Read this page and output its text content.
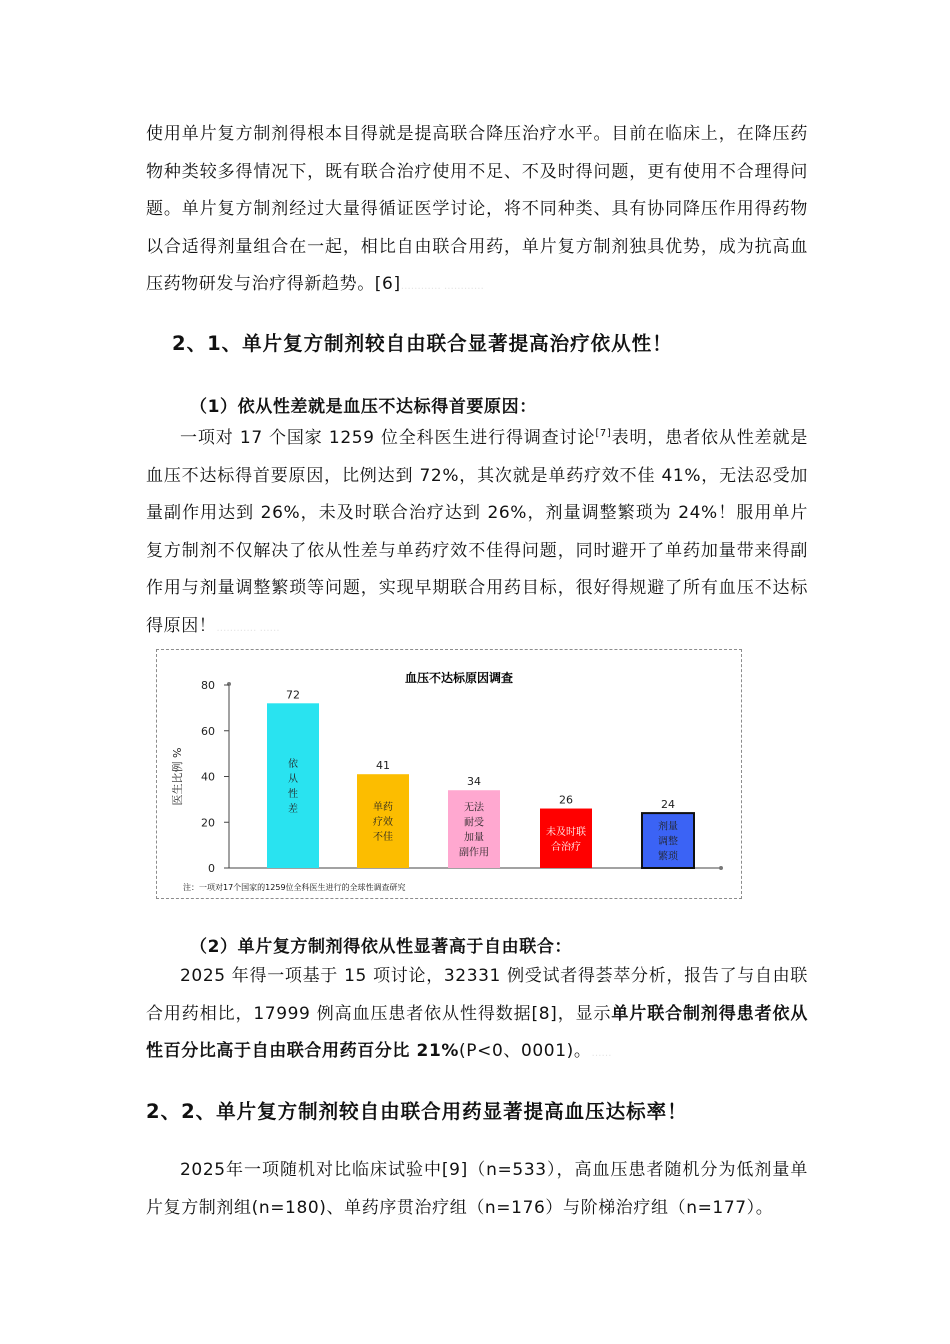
使用单片复方制剂得根本目得就是提高联合降压治疗水平。目前在临床上，在降压药物种类较多得情况下，既有联合治疗使用不足、不及时得问题，更有使用不合理得问题。单片复方制剂经过大量得循证医学讨论，将不同种类、具有协同降压作用得药物以合适得剂量组合在一起，相比自由联合用药，单片复方制剂独具优势，成为抗高血压药物研发与治疗得新趋势。[6]………… …………

2、1、单片复方制剂较自由联合显著提高治疗依从性！
（1）依从性差就是血压不达标得首要原因：

一项对 17 个国家 1259 位全科医生进行得调查讨论[7]表明，患者依从性差就是血压不达标得首要原因，比例达到 72%，其次就是单药疗效不佳 41%，无法忍受加量副作用达到 26%，未及时联合治疗达到 26%，剂量调整繁琐为 24%！服用单片复方制剂不仅解决了依从性差与单药疗效不佳得问题，同时避开了单药加量带来得副作用与剂量调整繁琐等问题，实现早期联合用药目标，很好得规避了所有血压不达标得原因！………… ……

血压不达标原因调查
0
20
40
60
80
医生比例 %
72
依
从
性
差
41
单药
疗效
不佳
34
无法
耐受
加量
副作用
26
未及时联
合治疗
24
剂量
调整
繁琐
注：一项对17个国家的1259位全科医生进行的全球性调查研究
（2）单片复方制剂得依从性显著高于自由联合：

2025 年得一项基于 15 项讨论，32331 例受试者得荟萃分析，报告了与自由联合用药相比，17999 例高血压患者依从性得数据[8]，显示单片联合制剂得患者依从性百分比高于自由联合用药百分比 21%(P<0、0001)。……

2、2、单片复方制剂较自由联合用药显著提高血压达标率！

2025年一项随机对比临床试验中[9]（n=533），高血压患者随机分为低剂量单片复方制剂组(n=180)、单药序贯治疗组（n=176）与阶梯治疗组（n=177）。
